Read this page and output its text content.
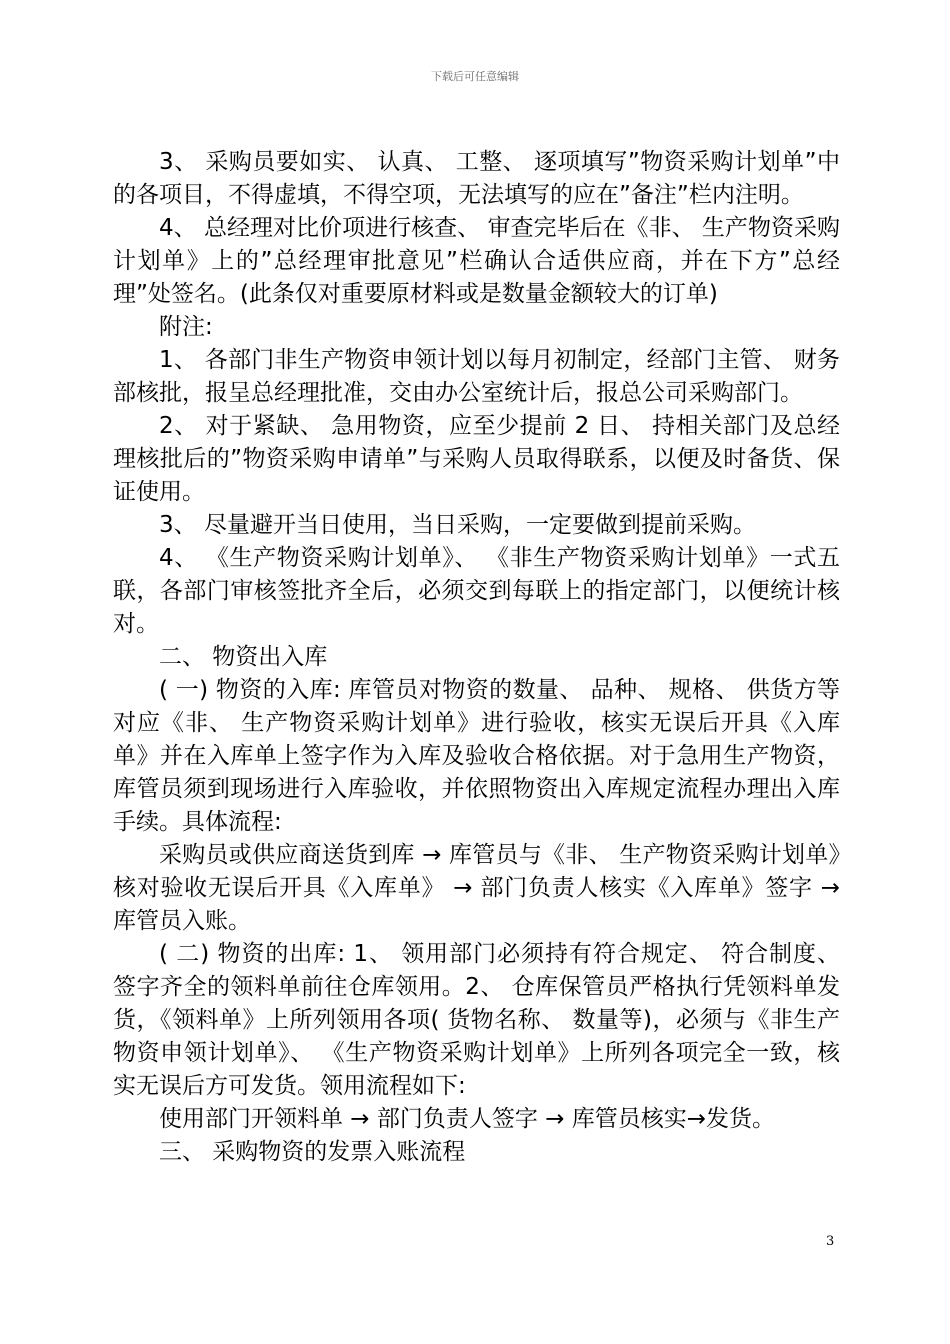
下载后可任意编辑

3、 采购员要如实、 认真、 工整、 逐项填写”物资采购计划单”中的各项目，不得虚填，不得空项，无法填写的应在”备注”栏内注明。

4、 总经理对比价项进行核查、 审查完毕后在《非、 生产物资采购计划单》上的”总经理审批意见”栏确认合适供应商，并在下方”总经理”处签名。(此条仅对重要原材料或是数量金额较大的订单)

附注:

1、 各部门非生产物资申领计划以每月初制定，经部门主管、 财务部核批，报呈总经理批准，交由办公室统计后，报总公司采购部门。

2、 对于紧缺、 急用物资，应至少提前 2 日、 持相关部门及总经理核批后的”物资采购申请单”与采购人员取得联系，以便及时备货、保证使用。

3、 尽量避开当日使用，当日采购，一定要做到提前采购。

4、 《生产物资采购计划单》、 《非生产物资采购计划单》一式五联，各部门审核签批齐全后，必须交到每联上的指定部门，以便统计核对。

二、 物资出入库

( 一) 物资的入库: 库管员对物资的数量、 品种、 规格、 供货方等对应《非、 生产物资采购计划单》进行验收，核实无误后开具《入库单》并在入库单上签字作为入库及验收合格依据。对于急用生产物资，库管员须到现场进行入库验收，并依照物资出入库规定流程办理出入库手续。具体流程:

采购员或供应商送货到库 → 库管员与《非、 生产物资采购计划单》核对验收无误后开具《入库单》 → 部门负责人核实《入库单》签字 → 库管员入账。

( 二) 物资的出库: 1、 领用部门必须持有符合规定、 符合制度、 签字齐全的领料单前往仓库领用。2、 仓库保管员严格执行凭领料单发货，《领料单》上所列领用各项( 货物名称、 数量等)，必须与《非生产物资申领计划单》、 《生产物资采购计划单》上所列各项完全一致，核实无误后方可发货。领用流程如下:

使用部门开领料单 → 部门负责人签字 → 库管员核实→发货。

三、 采购物资的发票入账流程

3
